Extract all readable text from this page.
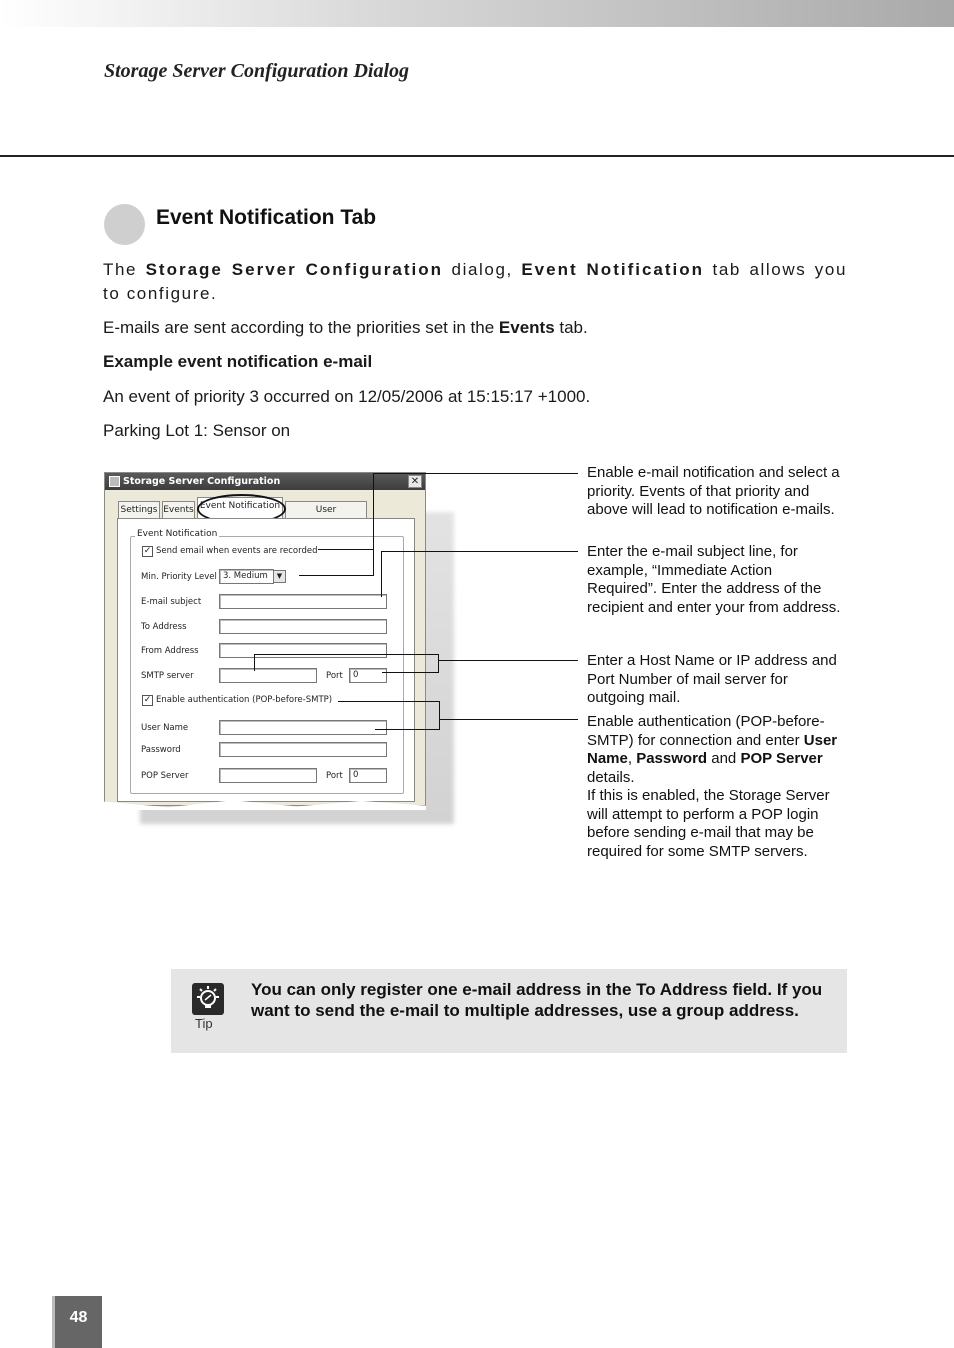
Storage Server Configuration Dialog
Event Notification Tab

The Storage Server Configuration dialog, Event Notification tab allows you to configure.

E-mails are sent according to the priorities set in the Events tab.

Example event notification e-mail

An event of priority 3 occurred on 12/05/2006 at 15:15:17 +1000.

Parking Lot 1: Sensor on

Storage Server Configuration	✕
Settings Events Event Notification	User
Event Notification
✓ Send email when events are recorded
Min. Priority Level 3. Medium	▼
E-mail subject
To Address
From Address
SMTP server	Port	0
✓ Enable authentication (POP-before-SMTP)
User Name
Password
POP Server	Port	0
Enable e-mail notification and select a priority. Events of that priority and above will lead to notification e-mails.
Enter the e-mail subject line, for example, “Immediate Action Required”. Enter the address of the recipient and enter your from address.
Enter a Host Name or IP address and Port Number of mail server for outgoing mail.
Enable authentication (POP-before-SMTP) for connection and enter User Name, Password and POP Server details.
If this is enabled, the Storage Server will attempt to perform a POP login before sending e-mail that may be required for some SMTP servers.
Tip
You can only register one e-mail address in the To Address field. If you want to send the e-mail to multiple addresses, use a group address.
48
